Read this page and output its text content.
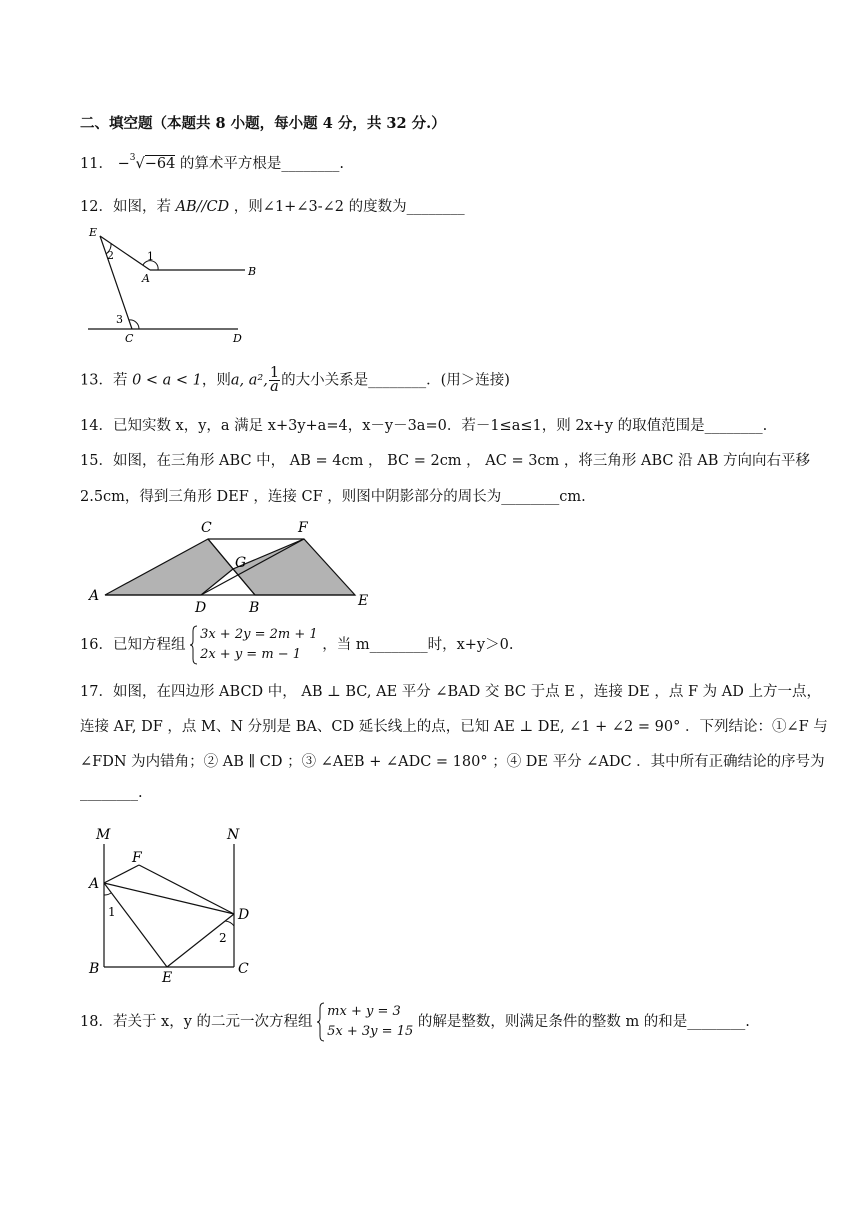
二、填空题（本题共 8 小题，每小题 4 分，共 32 分.）
11． −$^3$√−64 的算术平方根是________.
12．如图，若 AB//CD ，则∠1+∠3-∠2 的度数为________
E
A
B
C	D
1
2
3
13．若 0 < a < 1，则a, a², $\frac{1}{a}$ 的大小关系是________．(用＞连接)
14．已知实数 x，y，a 满足 x+3y+a=4，x－y－3a=0．若－1≤a≤1，则 2x+y 的取值范围是________.
15．如图，在三角形 ABC 中， AB = 4cm ， BC = 2cm ， AC = 3cm ，将三角形 ABC 沿 AB 方向向右平移
2.5cm，得到三角形 DEF ，连接 CF ，则图中阴影部分的周长为________cm.
A
C	F
G
D	B	E
16．已知方程组
3x + 2y = 2m + 1
2x + y = m − 1
，当 m________时，x+y＞0.
17．如图，在四边形 ABCD 中， AB ⊥ BC, AE 平分 ∠BAD 交 BC 于点 E ，连接 DE ，点 F 为 AD 上方一点，
连接 AF, DF ，点 M、N 分别是 BA、CD 延长线上的点，已知 AE ⊥ DE, ∠1 + ∠2 = 90° ．下列结论：①∠F 与
∠FDN 为内错角；② AB ∥ CD ；③ ∠AEB + ∠ADC = 180° ；④ DE 平分 ∠ADC ．其中所有正确结论的序号为
________.
M	N
F
A
D
B
E
C
1
2
18．若关于 x，y 的二元一次方程组
mx + y = 3
5x + 3y = 15
的解是整数，则满足条件的整数 m 的和是________.
